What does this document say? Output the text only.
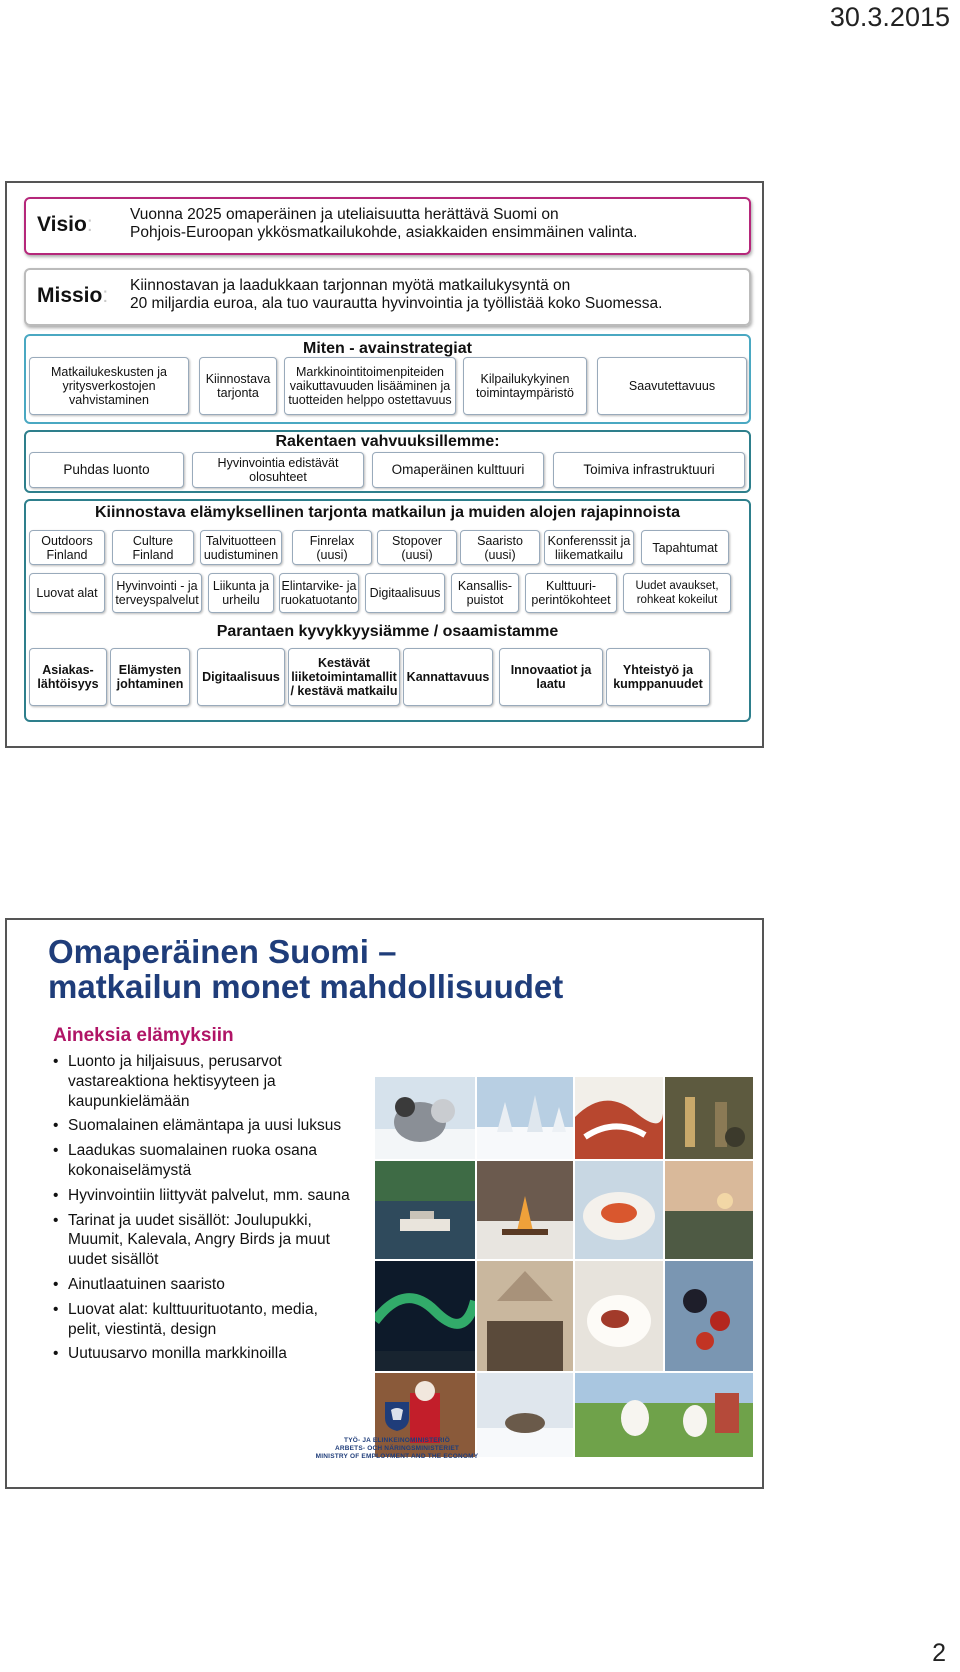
30.3.2015
Visio: Vuonna 2025 omaperäinen ja uteliaisuutta herättävä Suomi on
Pohjois-Euroopan ykkösmatkailukohde, asiakkaiden ensimmäinen valinta.
Missio: Kiinnostavan ja laadukkaan tarjonnan myötä matkailukysyntä on
20 miljardia euroa, ala tuo vaurautta hyvinvointia ja työllistää koko Suomessa.
Miten - avainstrategiat
Matkailukeskusten ja yritysverkostojen vahvistaminen
Kiinnostava tarjonta
Markkinointitoimenpiteiden vaikuttavuuden lisääminen ja tuotteiden helppo ostettavuus
Kilpailukykyinen toimintaympäristö	Saavutettavuus
Rakentaen vahvuuksillemme:
Puhdas luonto	Hyvinvointia edistävät olosuhteet	Omaperäinen kulttuuri	Toimiva infrastruktuuri
Kiinnostava elämyksellinen tarjonta matkailun ja muiden alojen rajapinnoista
Outdoors Finland
Culture Finland
Talvituotteen uudistuminen
Finrelax (uusi)
Stopover (uusi)
Saaristo (uusi)
Konferenssit ja liikematkailu	Tapahtumat
Luovat alat	Hyvinvointi - ja terveyspalvelut
Liikunta ja urheilu
Elintarvike- ja ruokatuotanto Digitaalisuus	Kansallis-puistot
Kulttuuri-perintökohteet
Uudet avaukset, rohkeat kokeilut
Parantaen kyvykkyysiämme / osaamistamme
Asiakas-lähtöisyys
Elämysten johtaminen	Digitaalisuus
Kestävät liiketoimintamallit / kestävä matkailu
Kannattavuus	Innovaatiot ja laatu
Yhteistyö ja kumppanuudet
Omaperäinen Suomi –
matkailun monet mahdollisuudet
Aineksia elämyksiin
• Luonto ja hiljaisuus, perusarvot vastareaktiona hektisyyteen ja kaupunkielämään
• Suomalainen elämäntapa ja uusi luksus
• Laadukas suomalainen ruoka osana kokonaiselämystä
• Hyvinvointiin liittyvät palvelut, mm. sauna
• Tarinat ja uudet sisällöt: Joulupukki, Muumit, Kalevala, Angry Birds ja muut uudet sisällöt
• Ainutlaatuinen saaristo
• Luovat alat: kulttuurituotanto, media, pelit, viestintä, design
• Uutuusarvo monilla markkinoilla
TYÖ- JA ELINKEINOMINISTERIÖ
ARBETS- OCH NÄRINGSMINISTERIET
MINISTRY OF EMPLOYMENT AND THE ECONOMY
2
